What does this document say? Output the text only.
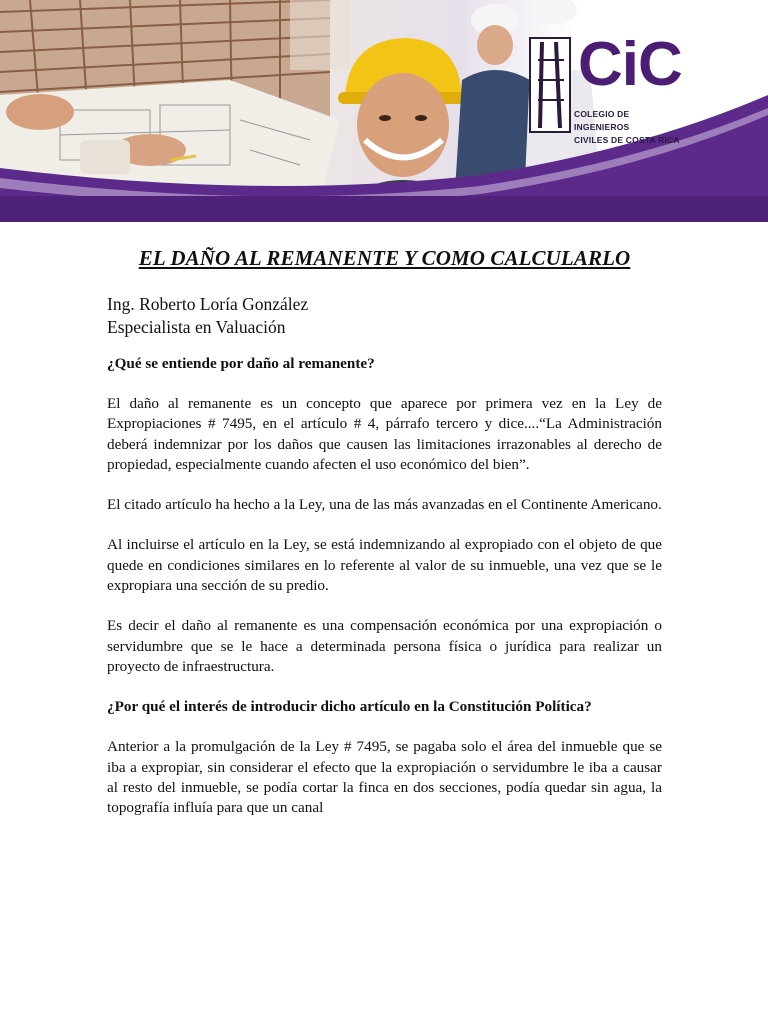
CiC
COLEGIO DE INGENIEROS
CIVILES DE COSTA RICA
EL DAÑO AL REMANENTE Y COMO CALCULARLO
Ing. Roberto Loría González
Especialista en Valuación

¿Qué se entiende por daño al remanente?

El daño al remanente es un concepto que aparece por primera vez en la Ley de Expropiaciones # 7495, en el artículo # 4, párrafo tercero y dice....“La Administración deberá indemnizar por los daños que causen las limitaciones irrazonables al derecho de propiedad, especialmente cuando afecten el uso económico del bien”.

El citado artículo ha hecho a la Ley, una de las más avanzadas en el Continente Americano.

Al incluirse el artículo en la Ley, se está indemnizando al expropiado con el objeto de que quede en condiciones similares en lo referente al valor de su inmueble, una vez que se le expropiara una sección de su predio.

Es decir el daño al remanente es una compensación económica por una expropiación o servidumbre que se le hace a determinada persona física o jurídica para realizar un proyecto de infraestructura.

¿Por qué el interés de introducir dicho artículo en la Constitución Política?

Anterior a la promulgación de la Ley # 7495, se pagaba solo el área del inmueble que se iba a expropiar, sin considerar el efecto que la expropiación o servidumbre le iba a causar al resto del inmueble, se podía cortar la finca en dos secciones, podía quedar sin agua, la topografía influía para que un canal
